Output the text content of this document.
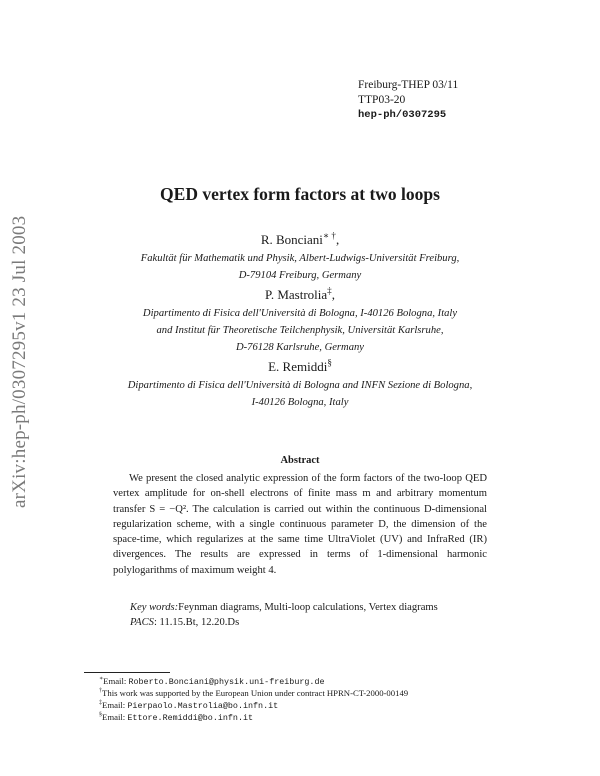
Freiburg-THEP 03/11
TTP03-20
hep-ph/0307295
arXiv:hep-ph/0307295v1 23 Jul 2003
QED vertex form factors at two loops
R. Bonciani∗ †,
Fakultät für Mathematik und Physik, Albert-Ludwigs-Universität Freiburg,
D-79104 Freiburg, Germany
P. Mastrolia‡,
Dipartimento di Fisica dell'Università di Bologna, I-40126 Bologna, Italy
and Institut für Theoretische Teilchenphysik, Universität Karlsruhe,
D-76128 Karlsruhe, Germany
E. Remiddi§
Dipartimento di Fisica dell'Università di Bologna and INFN Sezione di Bologna,
I-40126 Bologna, Italy
Abstract
We present the closed analytic expression of the form factors of the two-loop QED vertex amplitude for on-shell electrons of finite mass m and arbitrary momentum transfer S = −Q². The calculation is carried out within the continuous D-dimensional regularization scheme, with a single continuous parameter D, the dimension of the space-time, which regularizes at the same time UltraViolet (UV) and InfraRed (IR) divergences. The results are expressed in terms of 1-dimensional harmonic polylogarithms of maximum weight 4.
Key words:Feynman diagrams, Multi-loop calculations, Vertex diagrams
PACS: 11.15.Bt, 12.20.Ds
∗Email: Roberto.Bonciani@physik.uni-freiburg.de
†This work was supported by the European Union under contract HPRN-CT-2000-00149
‡Email: Pierpaolo.Mastrolia@bo.infn.it
§Email: Ettore.Remiddi@bo.infn.it
